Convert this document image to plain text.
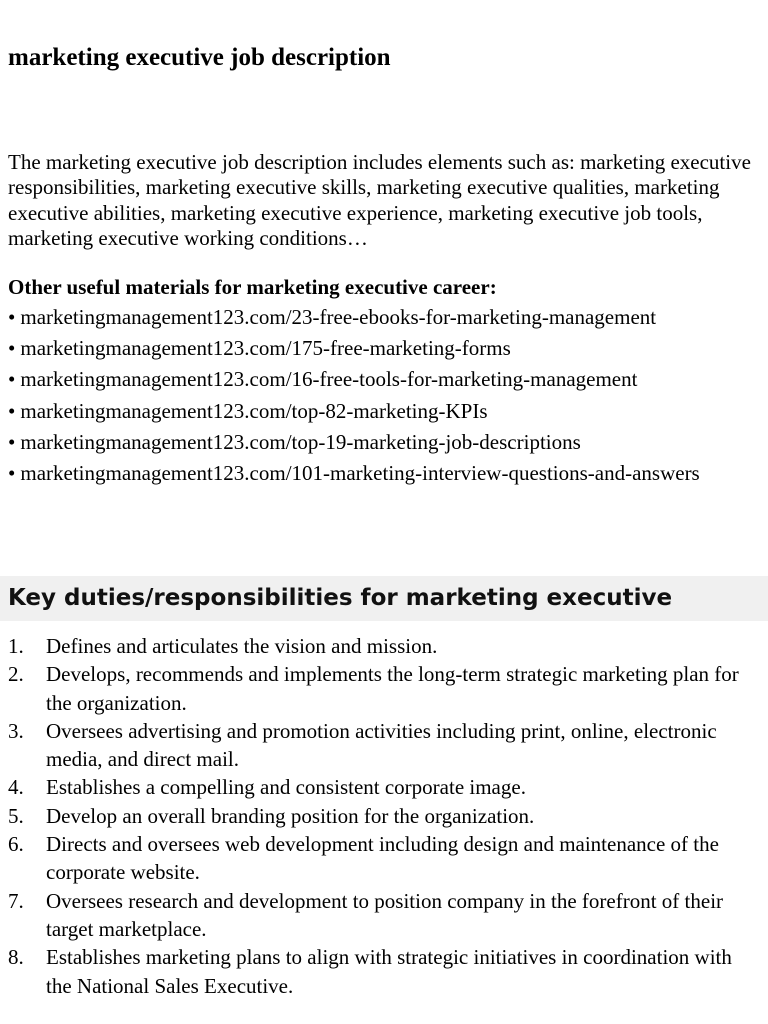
marketing executive job description

The marketing executive job description includes elements such as: marketing executive responsibilities, marketing executive skills, marketing executive qualities, marketing executive abilities, marketing executive experience, marketing executive job tools, marketing executive working conditions…

Other useful materials for marketing executive career:
• marketingmanagement123.com/23-free-ebooks-for-marketing-management
• marketingmanagement123.com/175-free-marketing-forms
• marketingmanagement123.com/16-free-tools-for-marketing-management
• marketingmanagement123.com/top-82-marketing-KPIs
• marketingmanagement123.com/top-19-marketing-job-descriptions
• marketingmanagement123.com/101-marketing-interview-questions-and-answers
Key duties/responsibilities for marketing executive
1.	Defines and articulates the vision and mission.
2.	Develops, recommends and implements the long-term strategic marketing plan for the organization.
3.	Oversees advertising and promotion activities including print, online, electronic media, and direct mail.
4.	Establishes a compelling and consistent corporate image.
5.	Develop an overall branding position for the organization.
6.	Directs and oversees web development including design and maintenance of the corporate website.
7.	Oversees research and development to position company in the forefront of their target marketplace.
8.	Establishes marketing plans to align with strategic initiatives in coordination with the National Sales Executive.
